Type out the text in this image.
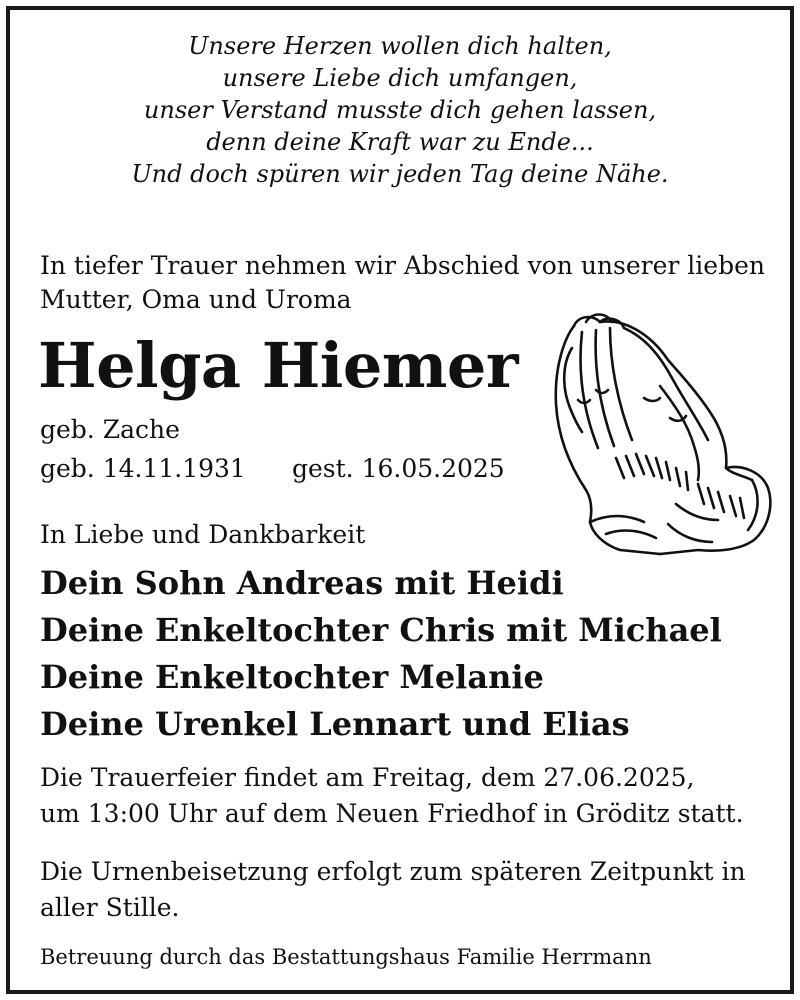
Unsere Herzen wollen dich halten,
unsere Liebe dich umfangen,
unser Verstand musste dich gehen lassen,
denn deine Kraft war zu Ende...
Und doch spüren wir jeden Tag deine Nähe.
In tiefer Trauer nehmen wir Abschied von unserer lieben
Mutter, Oma und Uroma
Helga Hiemer
geb. Zache
geb. 14.11.1931 gest. 16.05.2025
In Liebe und Dankbarkeit
Dein Sohn Andreas mit Heidi
Deine Enkeltochter Chris mit Michael
Deine Enkeltochter Melanie
Deine Urenkel Lennart und Elias
Die Trauerfeier findet am Freitag, dem 27.06.2025,
um 13:00 Uhr auf dem Neuen Friedhof in Gröditz statt.
Die Urnenbeisetzung erfolgt zum späteren Zeitpunkt in
aller Stille.
Betreuung durch das Bestattungshaus Familie Herrmann
